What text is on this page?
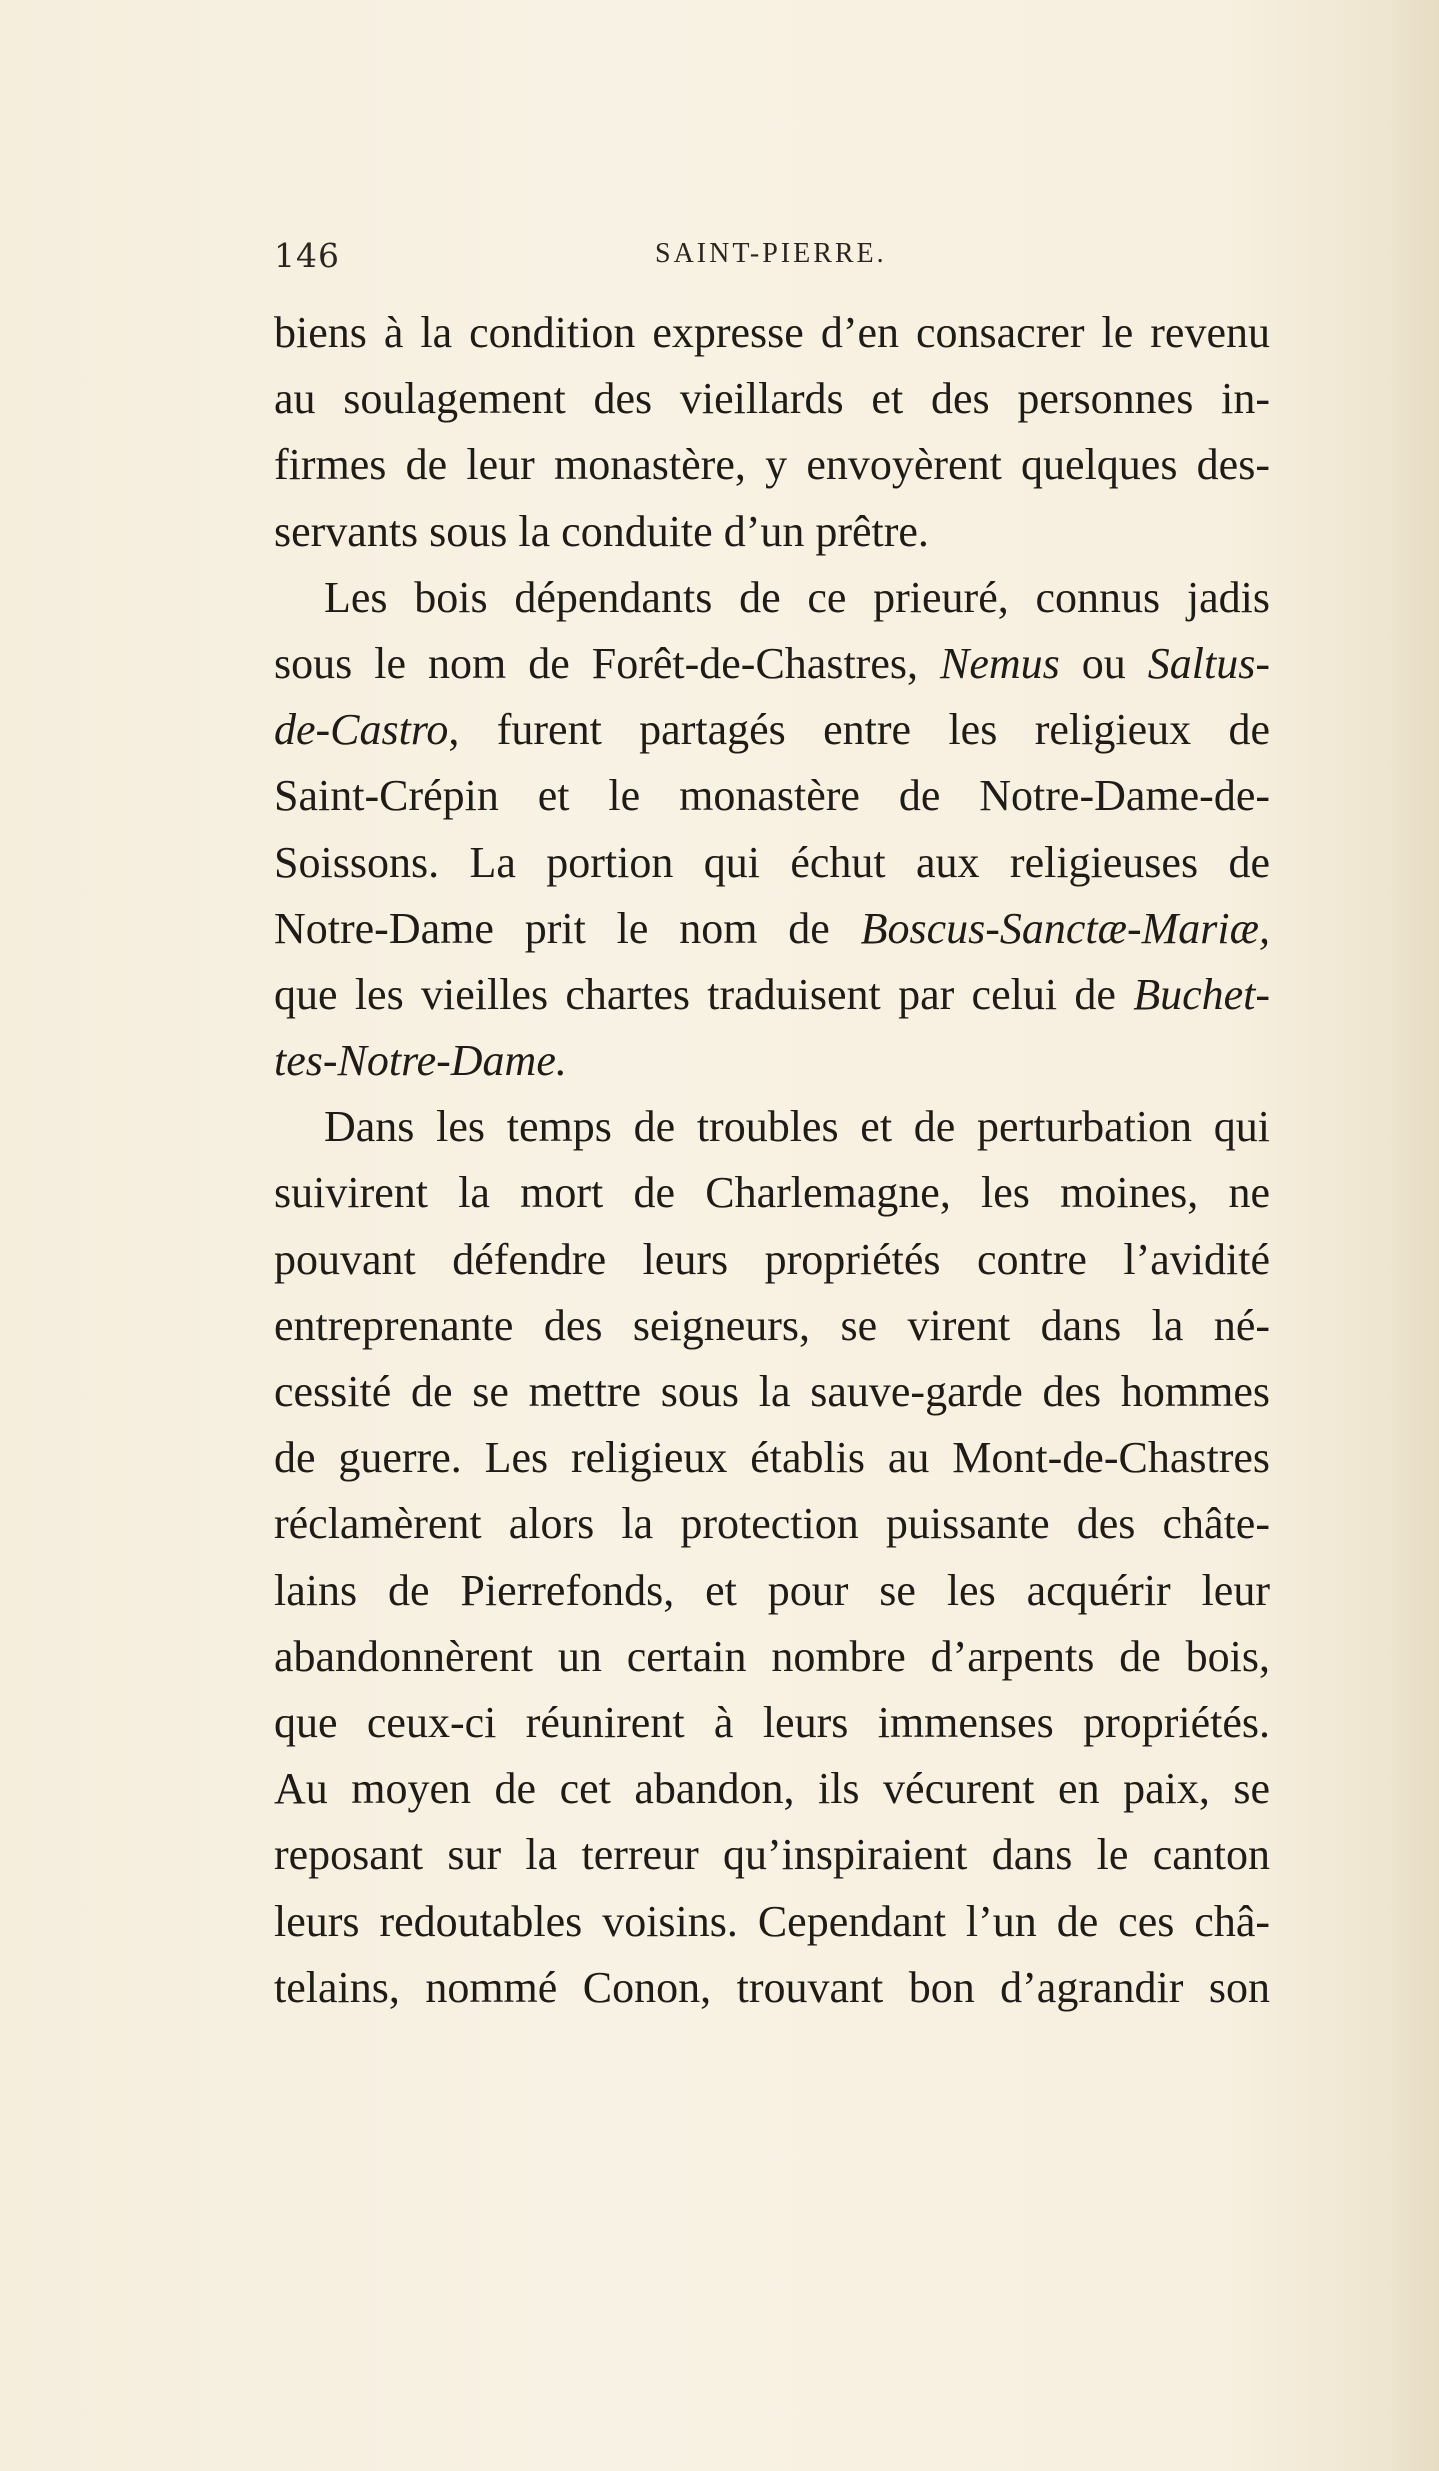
146	SAINT-PIERRE.
biens à la condition expresse d’en consacrer le revenu
au soulagement des vieillards et des personnes in-
firmes de leur monastère, y envoyèrent quelques des-
servants sous la conduite d’un prêtre.
Les bois dépendants de ce prieuré, connus jadis
sous le nom de Forêt-de-Chastres, Nemus ou Saltus-
de-Castro, furent partagés entre les religieux de
Saint-Crépin et le monastère de Notre-Dame-de-
Soissons. La portion qui échut aux religieuses de
Notre-Dame prit le nom de Boscus-Sanctæ-Mariæ,
que les vieilles chartes traduisent par celui de Buchet-
tes-Notre-Dame.
Dans les temps de troubles et de perturbation qui
suivirent la mort de Charlemagne, les moines, ne
pouvant défendre leurs propriétés contre l’avidité
entreprenante des seigneurs, se virent dans la né-
cessité de se mettre sous la sauve-garde des hommes
de guerre. Les religieux établis au Mont-de-Chastres
réclamèrent alors la protection puissante des châte-
lains de Pierrefonds, et pour se les acquérir leur
abandonnèrent un certain nombre d’arpents de bois,
que ceux-ci réunirent à leurs immenses propriétés.
Au moyen de cet abandon, ils vécurent en paix, se
reposant sur la terreur qu’inspiraient dans le canton
leurs redoutables voisins. Cependant l’un de ces châ-
telains, nommé Conon, trouvant bon d’agrandir son
